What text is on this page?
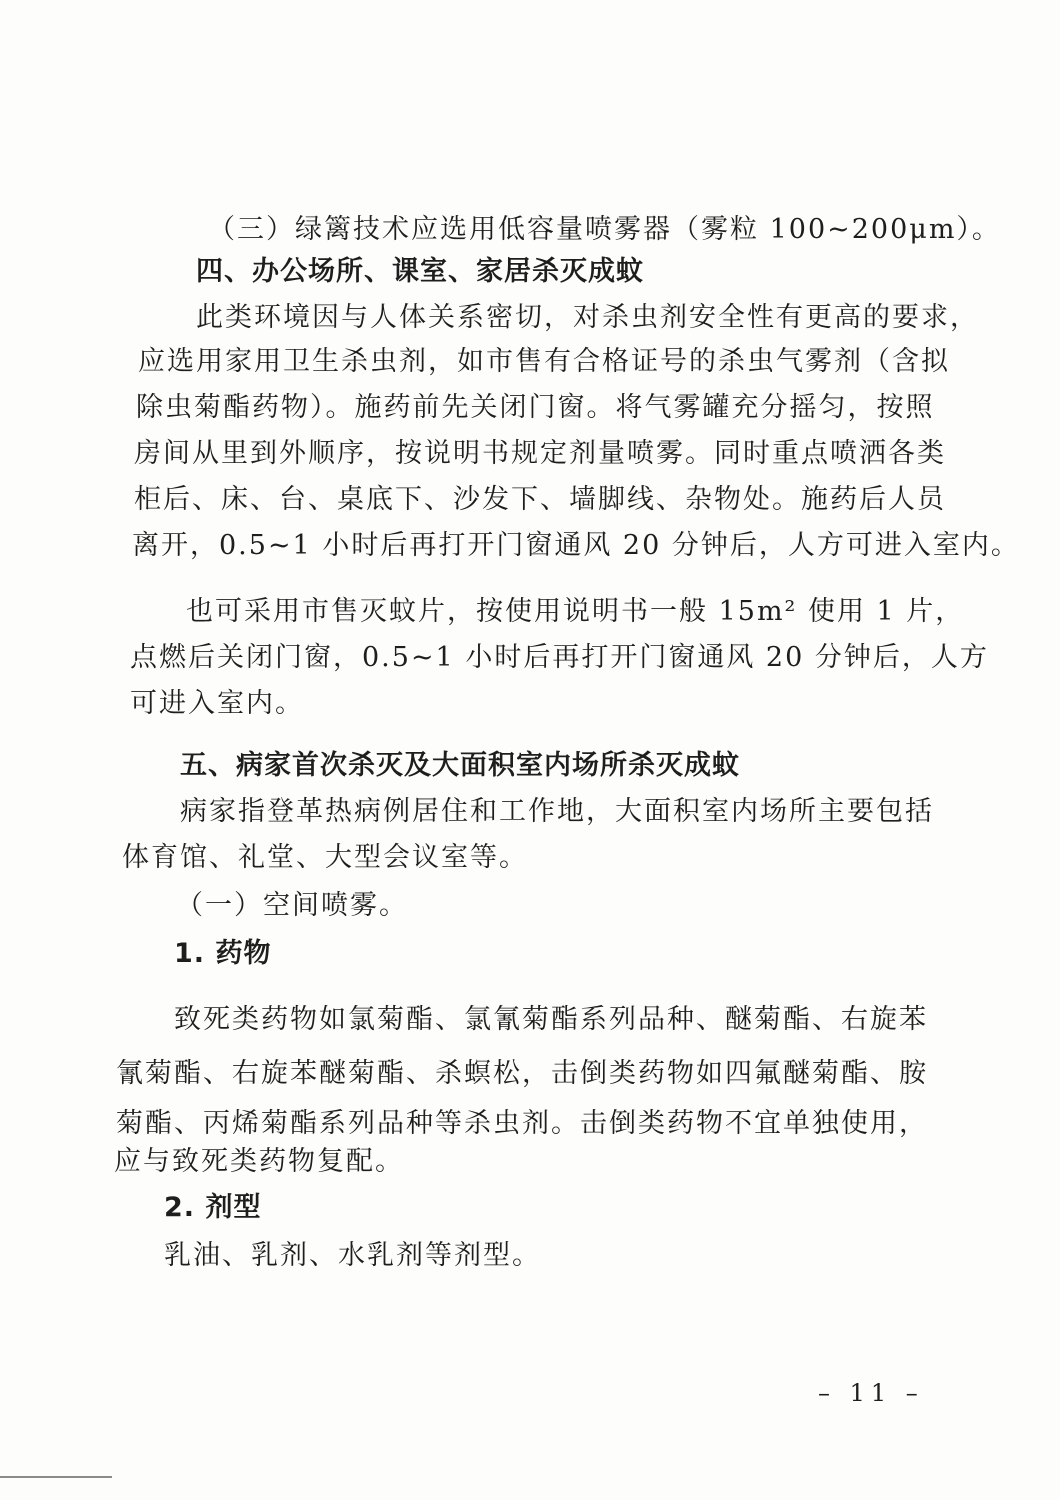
（三）绿篱技术应选用低容量喷雾器（雾粒 100~200μm）。
四、办公场所、课室、家居杀灭成蚊
此类环境因与人体关系密切，对杀虫剂安全性有更高的要求，
应选用家用卫生杀虫剂，如市售有合格证号的杀虫气雾剂（含拟
除虫菊酯药物）。施药前先关闭门窗。将气雾罐充分摇匀，按照
房间从里到外顺序，按说明书规定剂量喷雾。同时重点喷洒各类
柜后、床、台、桌底下、沙发下、墙脚线、杂物处。施药后人员
离开，0.5~1 小时后再打开门窗通风 20 分钟后，人方可进入室内。
也可采用市售灭蚊片，按使用说明书一般 15m² 使用 1 片，
点燃后关闭门窗，0.5~1 小时后再打开门窗通风 20 分钟后，人方
可进入室内。
五、病家首次杀灭及大面积室内场所杀灭成蚊
病家指登革热病例居住和工作地，大面积室内场所主要包括
体育馆、礼堂、大型会议室等。
（一）空间喷雾。
1. 药物
致死类药物如氯菊酯、氯氰菊酯系列品种、醚菊酯、右旋苯
氰菊酯、右旋苯醚菊酯、杀螟松，击倒类药物如四氟醚菊酯、胺
菊酯、丙烯菊酯系列品种等杀虫剂。击倒类药物不宜单独使用，
应与致死类药物复配。
2. 剂型
乳油、乳剂、水乳剂等剂型。
– 11 –
